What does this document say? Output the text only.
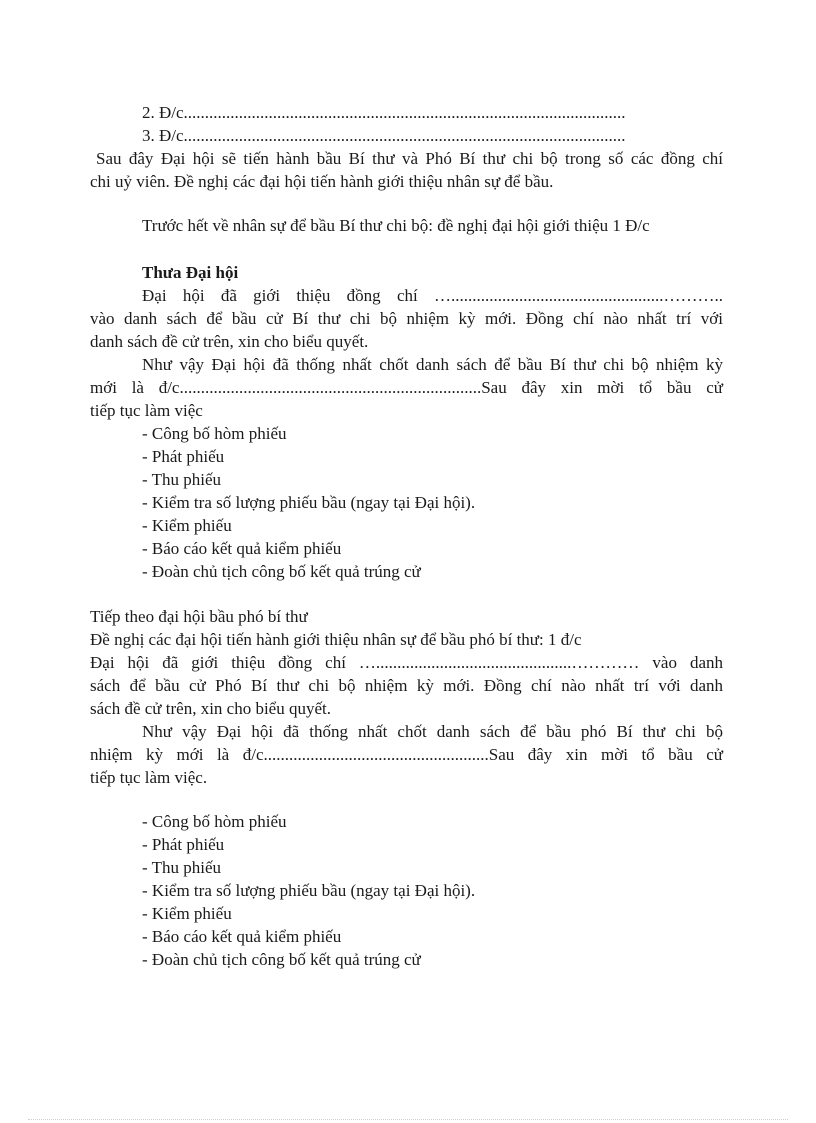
2. Đ/c........................................................................................................
3. Đ/c........................................................................................................
Sau đây Đại hội sẽ tiến hành bầu Bí thư và Phó Bí thư chi bộ trong số các đồng chí
chi uỷ viên. Đề nghị các đại hội tiến hành giới thiệu nhân sự để bầu.
Trước hết về nhân sự để bầu Bí thư chi bộ: đề nghị đại hội giới thiệu 1 Đ/c
Thưa Đại hội
Đại hội đã giới thiệu đồng chí …..................................................………..
vào danh sách để bầu cử Bí thư chi bộ nhiệm kỳ mới. Đồng chí nào nhất trí với
danh sách đề cử trên, xin cho biểu quyết.
Như vậy Đại hội đã thống nhất chốt danh sách để bầu Bí thư chi bộ nhiệm kỳ
mới là đ/c.......................................................................Sau đây xin mời tổ bầu cử
tiếp tục làm việc
- Công bố hòm phiếu
- Phát phiếu
- Thu phiếu
- Kiểm tra số lượng phiếu bầu (ngay tại Đại hội).
- Kiểm phiếu
- Báo cáo kết quả kiểm phiếu
- Đoàn chủ tịch công bố kết quả trúng cử
Tiếp theo đại hội bầu phó bí thư
Đề nghị các đại hội tiến hành giới thiệu nhân sự để bầu phó bí thư: 1 đ/c
Đại hội đã giới thiệu đồng chí …..............................................………… vào danh
sách để bầu cử Phó Bí thư chi bộ nhiệm kỳ mới. Đồng chí nào nhất trí với danh
sách đề cử trên, xin cho biểu quyết.
Như vậy Đại hội đã thống nhất chốt danh sách để bầu phó Bí thư chi bộ
nhiệm kỳ mới là đ/c.....................................................Sau đây xin mời tổ bầu cử
tiếp tục làm việc.
- Công bố hòm phiếu
- Phát phiếu
- Thu phiếu
- Kiểm tra số lượng phiếu bầu (ngay tại Đại hội).
- Kiểm phiếu
- Báo cáo kết quả kiểm phiếu
- Đoàn chủ tịch công bố kết quả trúng cử
